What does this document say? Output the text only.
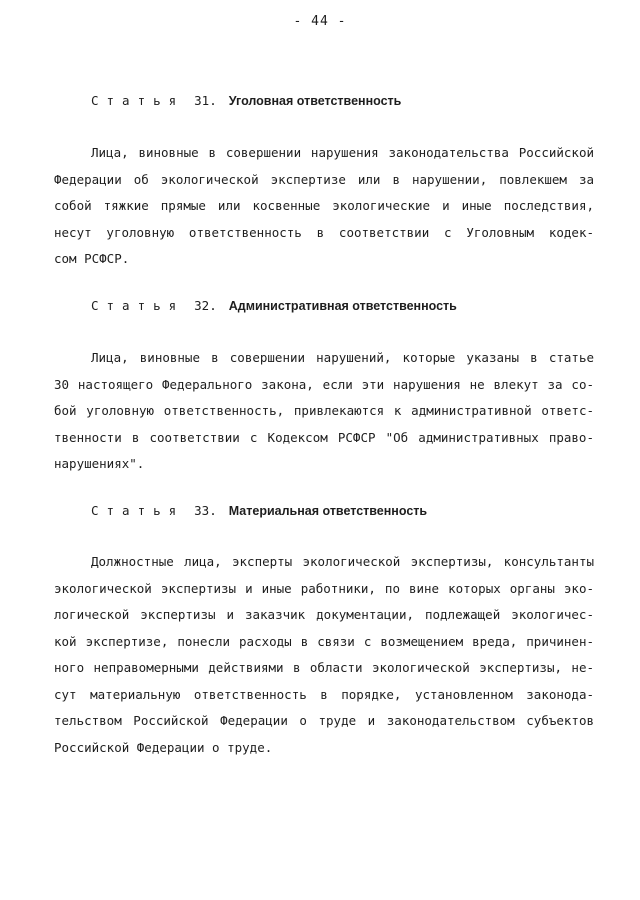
- 44 -
Статья 31. Уголовная ответственность
Лица, виновные в совершении нарушения законодательства Российской
Федерации об экологической экспертизе или в нарушении, повлекшем за
собой тяжкие прямые или косвенные экологические и иные последствия,
несут уголовную ответственность в соответствии с Уголовным кодек-
сом РСФСР.
Статья 32. Административная ответственность
Лица, виновные в совершении нарушений, которые указаны в статье
30 настоящего Федерального закона, если эти нарушения не влекут за со-
бой уголовную ответственность, привлекаются к административной ответс-
твенности в соответствии с Кодексом РСФСР "Об административных право-
нарушениях".
Статья 33. Материальная ответственность
Должностные лица, эксперты экологической экспертизы, консультанты
экологической экспертизы и иные работники, по вине которых органы эко-
логической экспертизы и заказчик документации, подлежащей экологичес-
кой экспертизе, понесли расходы в связи с возмещением вреда, причинен-
ного неправомерными действиями в области экологической экспертизы, не-
сут материальную ответственность в порядке, установленном законода-
тельством Российской Федерации о труде и законодательством субъектов
Российской Федерации о труде.
